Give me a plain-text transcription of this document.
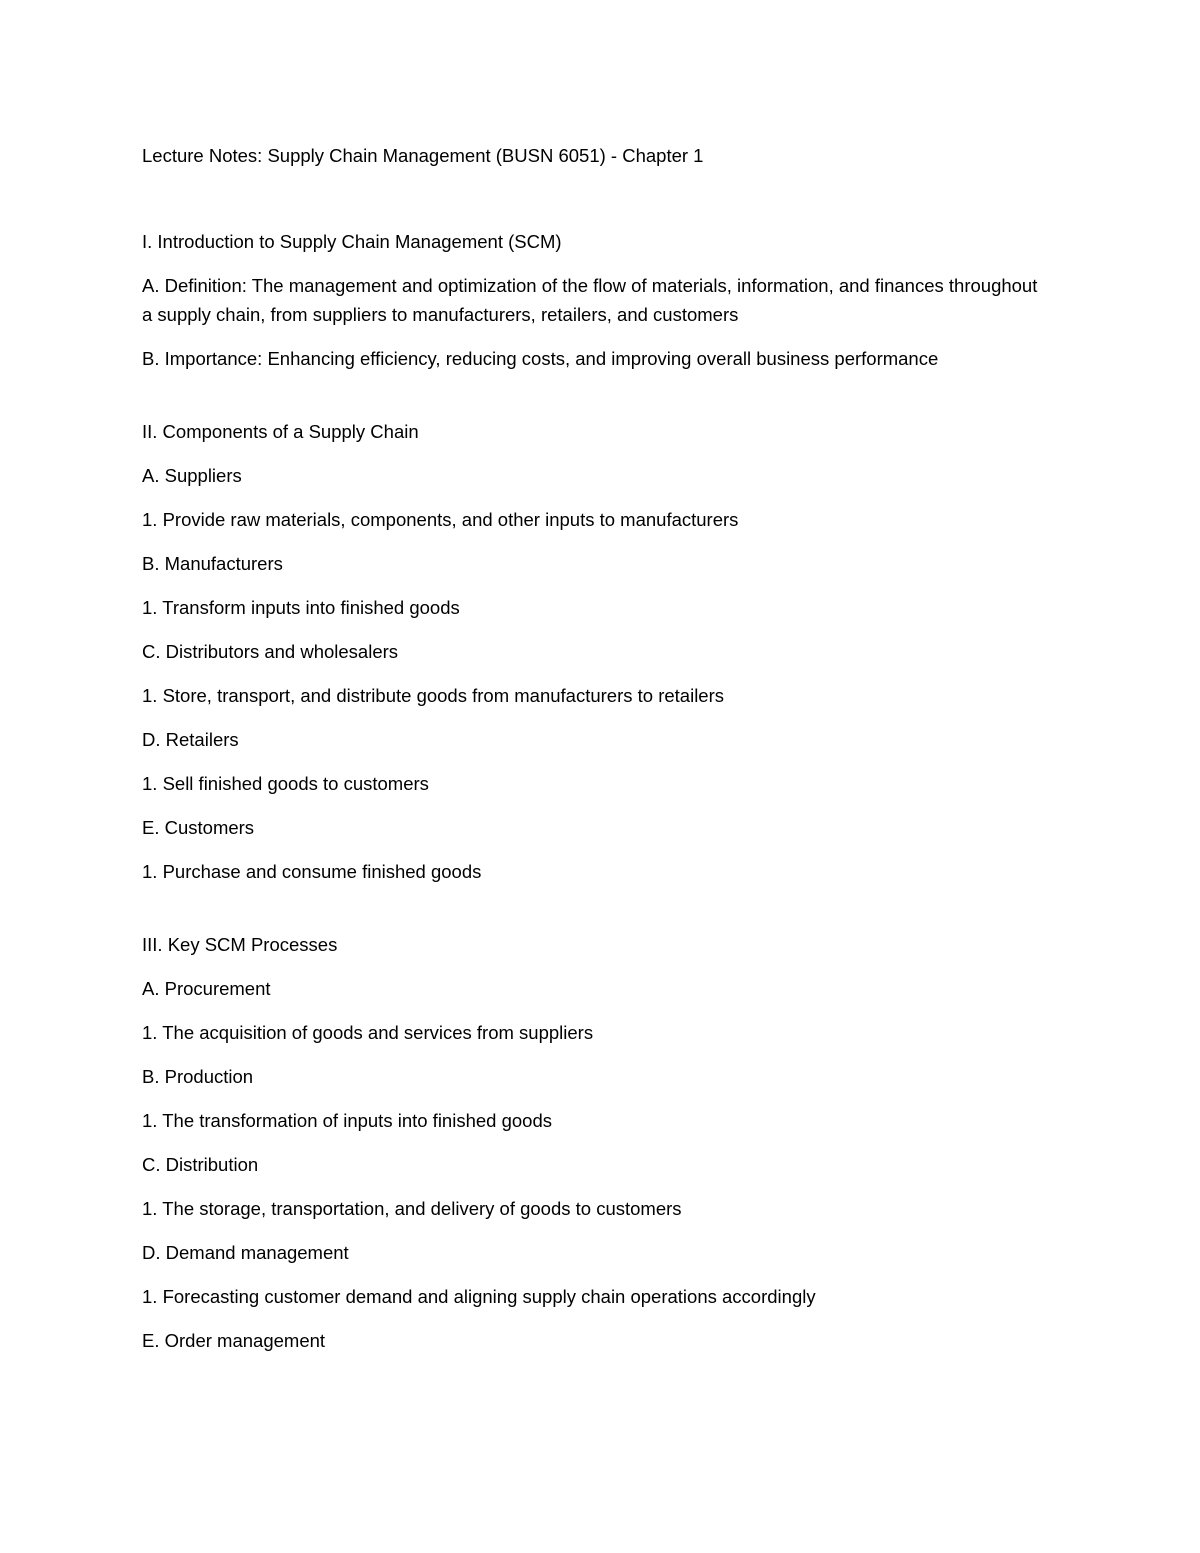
Lecture Notes: Supply Chain Management (BUSN 6051) - Chapter 1

I. Introduction to Supply Chain Management (SCM)

A. Definition: The management and optimization of the flow of materials, information, and finances throughout a supply chain, from suppliers to manufacturers, retailers, and customers

B. Importance: Enhancing efficiency, reducing costs, and improving overall business performance

II. Components of a Supply Chain

A. Suppliers

1. Provide raw materials, components, and other inputs to manufacturers

B. Manufacturers

1. Transform inputs into finished goods

C. Distributors and wholesalers

1. Store, transport, and distribute goods from manufacturers to retailers

D. Retailers

1. Sell finished goods to customers

E. Customers

1. Purchase and consume finished goods

III. Key SCM Processes

A. Procurement

1. The acquisition of goods and services from suppliers

B. Production

1. The transformation of inputs into finished goods

C. Distribution

1. The storage, transportation, and delivery of goods to customers

D. Demand management

1. Forecasting customer demand and aligning supply chain operations accordingly

E. Order management
